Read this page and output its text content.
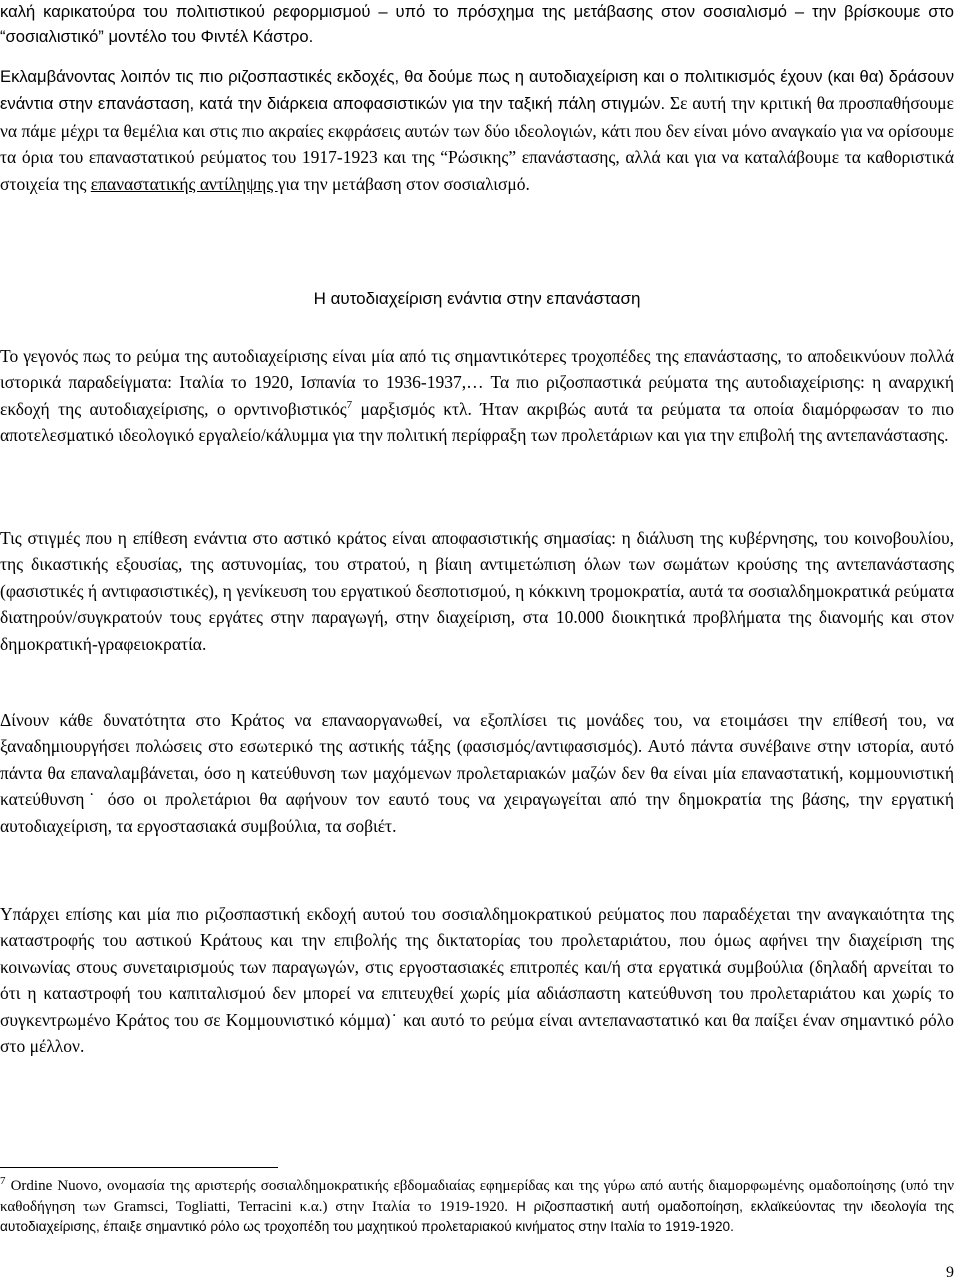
καλή καρικατούρα του πολιτιστικού ρεφορμισμού – υπό το πρόσχημα της μετάβασης στον σοσιαλισμό – την βρίσκουμε στο “σοσιαλιστικό” μοντέλο του Φιντέλ Κάστρο.

Εκλαμβάνοντας λοιπόν τις πιο ριζοσπαστικές εκδοχές, θα δούμε πως η αυτοδιαχείριση και ο πολιτικισμός έχουν (και θα) δράσουν ενάντια στην επανάσταση, κατά την διάρκεια αποφασιστικών για την ταξική πάλη στιγμών. Σε αυτή την κριτική θα προσπαθήσουμε να πάμε μέχρι τα θεμέλια και στις πιο ακραίες εκφράσεις αυτών των δύο ιδεολογιών, κάτι που δεν είναι μόνο αναγκαίο για να ορίσουμε τα όρια του επαναστατικού ρεύματος του 1917-1923 και της “Ρώσικης” επανάστασης, αλλά και για να καταλάβουμε τα καθοριστικά στοιχεία της επαναστατικής αντίληψης για την μετάβαση στον σοσιαλισμό.

Η αυτοδιαχείριση ενάντια στην επανάσταση

Το γεγονός πως το ρεύμα της αυτοδιαχείρισης είναι μία από τις σημαντικότερες τροχοπέδες της επανάστασης, το αποδεικνύουν πολλά ιστορικά παραδείγματα: Ιταλία το 1920, Ισπανία το 1936-1937,… Τα πιο ριζοσπαστικά ρεύματα της αυτοδιαχείρισης: η αναρχική εκδοχή της αυτοδιαχείρισης, ο ορντινοβιστικός$^7$ μαρξισμός κτλ. Ήταν ακριβώς αυτά τα ρεύματα τα οποία διαμόρφωσαν το πιο αποτελεσματικό ιδεολογικό εργαλείο/κάλυμμα για την πολιτική περίφραξη των προλετάριων και για την επιβολή της αντεπανάστασης.

Τις στιγμές που η επίθεση ενάντια στο αστικό κράτος είναι αποφασιστικής σημασίας: η διάλυση της κυβέρνησης, του κοινοβουλίου, της δικαστικής εξουσίας, της αστυνομίας, του στρατού, η βίαιη αντιμετώπιση όλων των σωμάτων κρούσης της αντεπανάστασης (φασιστικές ή αντιφασιστικές), η γενίκευση του εργατικού δεσποτισμού, η κόκκινη τρομοκρατία, αυτά τα σοσιαλδημοκρατικά ρεύματα διατηρούν/συγκρατούν τους εργάτες στην παραγωγή, στην διαχείριση, στα 10.000 διοικητικά προβλήματα της διανομής και στον δημοκρατική-γραφειοκρατία.

Δίνουν κάθε δυνατότητα στο Κράτος να επαναοργανωθεί, να εξοπλίσει τις μονάδες του, να ετοιμάσει την επίθεσή του, να ξαναδημιουργήσει πολώσεις στο εσωτερικό της αστικής τάξης (φασισμός/αντιφασισμός). Αυτό πάντα συνέβαινε στην ιστορία, αυτό πάντα θα επαναλαμβάνεται, όσο η κατεύθυνση των μαχόμενων προλεταριακών μαζών δεν θα είναι μία επαναστατική, κομμουνιστική κατεύθυνση˙ όσο οι προλετάριοι θα αφήνουν τον εαυτό τους να χειραγωγείται από την δημοκρατία της βάσης, την εργατική αυτοδιαχείριση, τα εργοστασιακά συμβούλια, τα σοβιέτ.

Υπάρχει επίσης και μία πιο ριζοσπαστική εκδοχή αυτού του σοσιαλδημοκρατικού ρεύματος που παραδέχεται την αναγκαιότητα της καταστροφής του αστικού Κράτους και την επιβολής της δικτατορίας του προλεταριάτου, που όμως αφήνει την διαχείριση της κοινωνίας στους συνεταιρισμούς των παραγωγών, στις εργοστασιακές επιτροπές και/ή στα εργατικά συμβούλια (δηλαδή αρνείται το ότι η καταστροφή του καπιταλισμού δεν μπορεί να επιτευχθεί χωρίς μία αδιάσπαστη κατεύθυνση του προλεταριάτου και χωρίς το συγκεντρωμένο Κράτος του σε Κομμουνιστικό κόμμα)˙ και αυτό το ρεύμα είναι αντεπαναστατικό και θα παίξει έναν σημαντικό ρόλο στο μέλλον.

$^7$ Ordine Nuovo, ονομασία της αριστερής σοσιαλδημοκρατικής εβδομαδιαίας εφημερίδας και της γύρω από αυτής διαμορφωμένης ομαδοποίησης (υπό την καθοδήγηση των Gramsci, Togliatti, Terracini κ.α.) στην Ιταλία το 1919-1920. Η ριζοσπαστική αυτή ομαδοποίηση, εκλαϊκεύοντας την ιδεολογία της αυτοδιαχείρισης, έπαιξε σημαντικό ρόλο ως τροχοπέδη του μαχητικού προλεταριακού κινήματος στην Ιταλία το 1919-1920.

9
